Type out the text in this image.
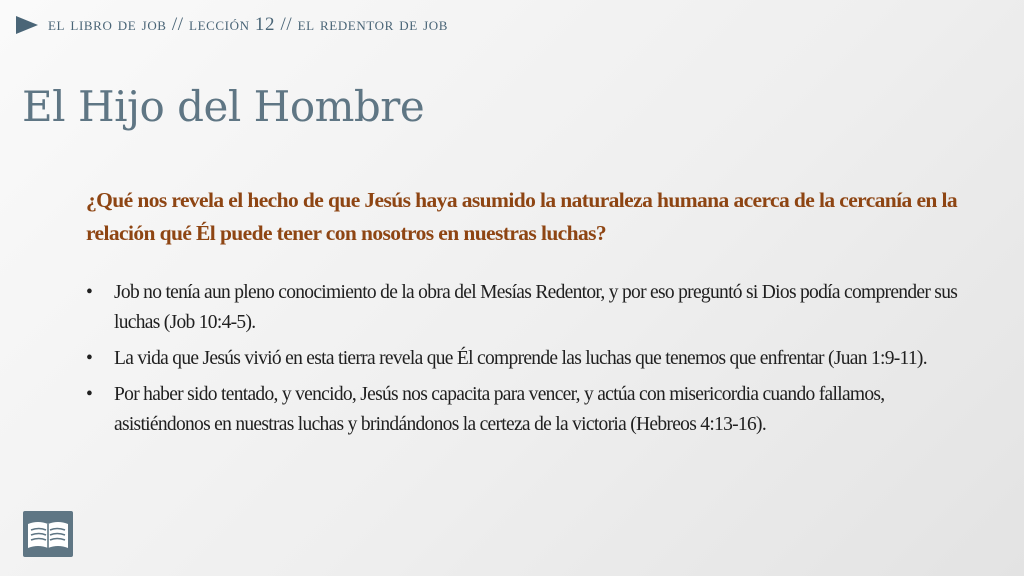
el libro de job // lección 12 // el redentor de job
El Hijo del Hombre
¿Qué nos revela el hecho de que Jesús haya asumido la naturaleza humana acerca de la cercanía en la relación qué Él puede tener con nosotros en nuestras luchas?
•	Job no tenía aun pleno conocimiento de la obra del Mesías Redentor, y por eso preguntó si Dios podía comprender sus luchas (Job 10:4-5).
•	La vida que Jesús vivió en esta tierra revela que Él comprende las luchas que tenemos que enfrentar (Juan 1:9-11).
•	Por haber sido tentado, y vencido, Jesús nos capacita para vencer, y actúa con misericordia cuando fallamos, asistiéndonos en nuestras luchas y brindándonos la certeza de la victoria (Hebreos 4:13-16).
